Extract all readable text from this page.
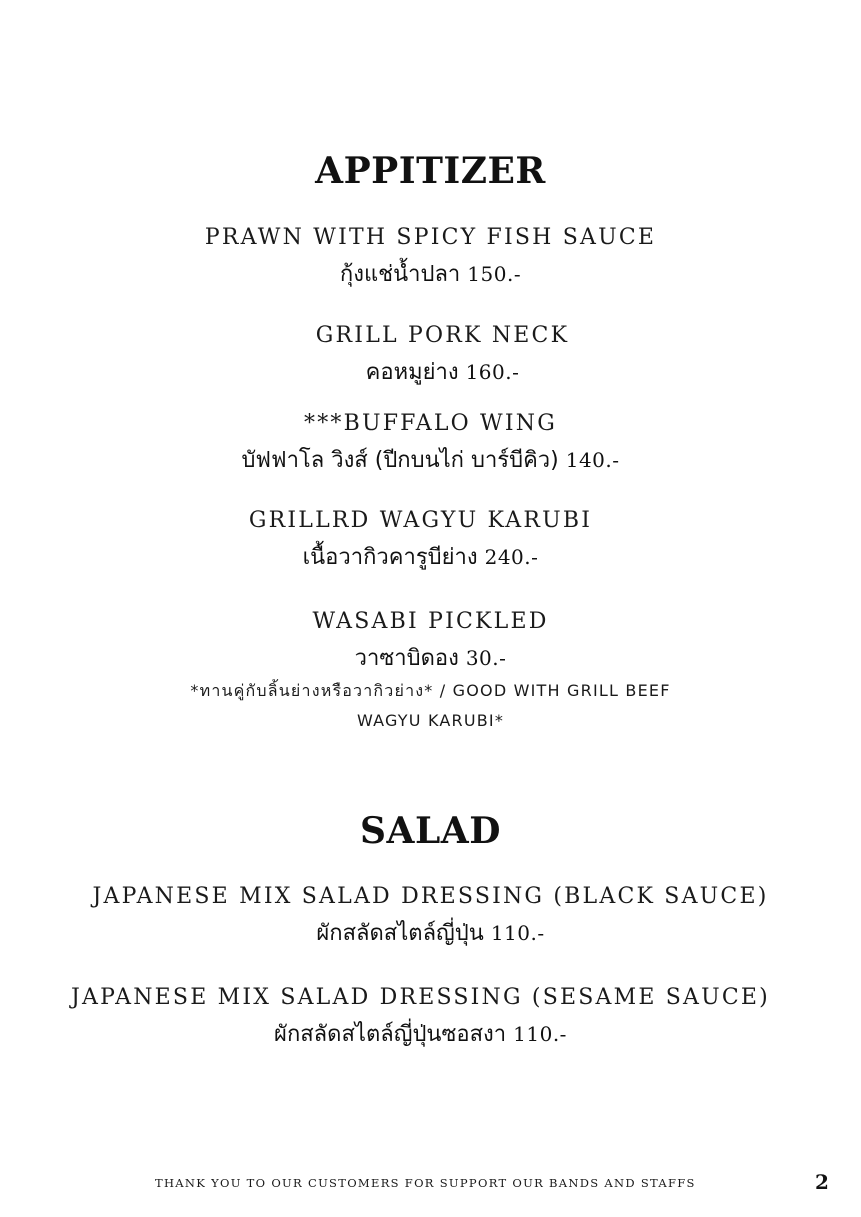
APPITIZER
PRAWN WITH SPICY FISH SAUCE
กุ้งแช่น้ำปลา 150.-
GRILL PORK NECK
คอหมูย่าง 160.-
***BUFFALO WING
บัฟฟาโล วิงส์ (ปีกบนไก่ บาร์บีคิว) 140.-
GRILLRD WAGYU KARUBI
เนื้อวากิวคารูบีย่าง 240.-
WASABI PICKLED
วาซาบิดอง 30.-
*ทานคู่กับลิ้นย่างหรือวากิวย่าง* / GOOD WITH GRILL BEEF
WAGYU KARUBI*
SALAD
JAPANESE MIX SALAD DRESSING (BLACK SAUCE)
ผักสลัดสไตล์ญี่ปุ่น 110.-
JAPANESE MIX SALAD DRESSING (SESAME SAUCE)
ผักสลัดสไตล์ญี่ปุ่นซอสงา 110.-
THANK YOU TO OUR CUSTOMERS FOR SUPPORT OUR BANDS AND STAFFS	2
